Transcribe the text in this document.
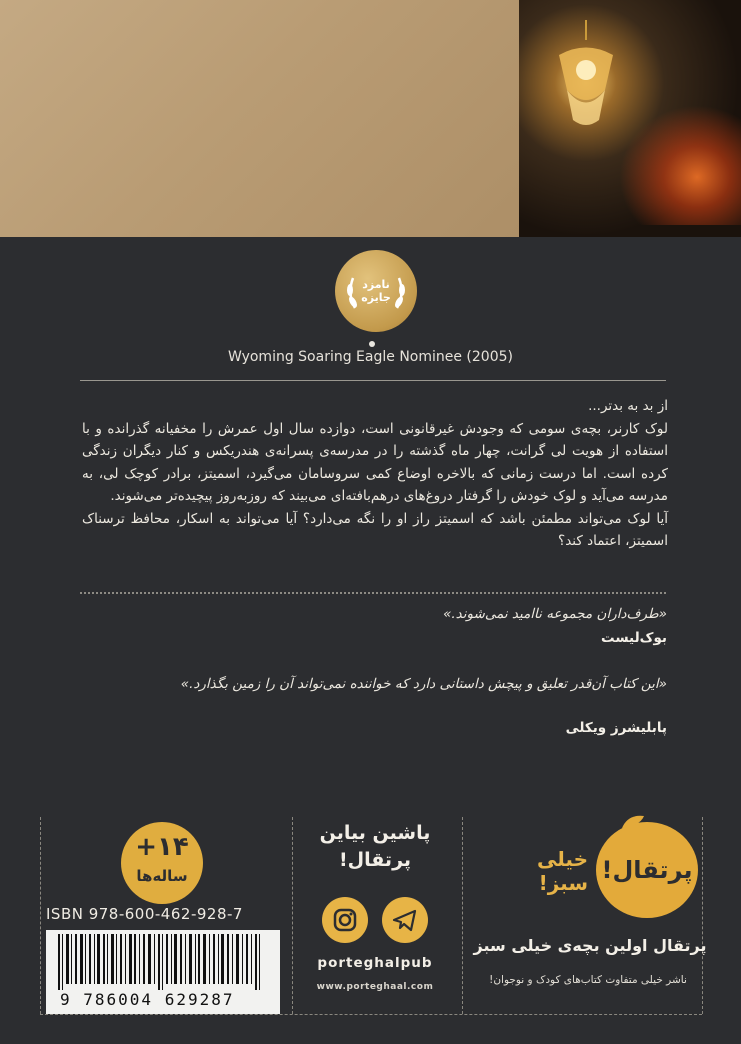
نامزد جایزه
Wyoming Soaring Eagle Nominee (2005)

از بد به بدتر...

لوک کارنر، بچه‌ی سومی که وجودش غیرقانونی است، دوازده سال اول عمرش را مخفیانه گذرانده و با استفاده از هویت لی گرانت، چهار ماه گذشته را در مدرسه‌ی پسرانه‌ی هندریکس و کنار دیگران زندگی کرده است. اما درست زمانی که بالاخره اوضاع کمی سروسامان می‌گیرد، اسمیتز، برادر کوچک لی، به مدرسه می‌آید و لوک خودش را گرفتار دروغ‌های درهم‌بافته‌ای می‌بیند که روزبه‌روز پیچیده‌تر می‌شوند.

آیا لوک می‌تواند مطمئن باشد که اسمیتز راز او را نگه می‌دارد؟ آیا می‌تواند به اسکار، محافظ ترسناک اسمیتز، اعتماد کند؟

«طرف‌داران مجموعه ناامید نمی‌شوند.»
بوک‌لیست
«این کتاب آن‌قدر تعلیق و پیچش داستانی دارد که خواننده نمی‌تواند آن را زمین بگذارد.»
پابلیشرز ویکلی
+۱۴
ساله‌ها
ISBN 978-600-462-928-7
9 786004 629287
پاشین بیاین پرتقال!
porteghalpub
www.porteghaal.com
پرتقال!
خیلی سبز!
پرتقال اولین بچه‌ی خیلی سبز
ناشر خیلی متفاوت کتاب‌های کودک و نوجوان!
